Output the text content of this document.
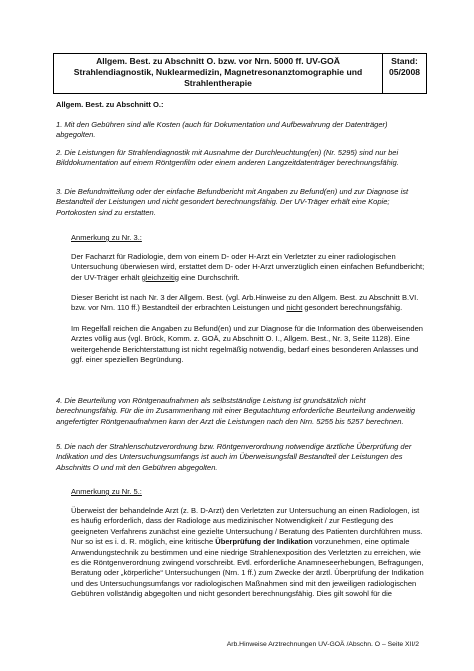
Allgem. Best. zu Abschnitt O. bzw. vor Nrn. 5000 ff. UV-GOÄ
Strahlendiagnostik, Nuklearmedizin, Magnetresonanztomographie und
Strahlentherapie
Stand:
05/2008
Allgem. Best. zu Abschnitt O.:
1. Mit den Gebühren sind alle Kosten (auch für Dokumentation und Aufbewahrung der Datenträger) abgegolten.
2. Die Leistungen für Strahlendiagnostik mit Ausnahme der Durchleuchtung(en) (Nr. 5295) sind nur bei Bilddokumentation auf einem Röntgenfilm oder einem anderen Langzeitdatenträger berechnungsfähig.
3. Die Befundmitteilung oder der einfache Befundbericht mit Angaben zu Befund(en) und zur Diagnose ist Bestandteil der Leistungen und nicht gesondert berechnungsfähig. Der UV-Träger erhält eine Kopie; Portokosten sind zu erstatten.
Anmerkung zu Nr. 3.:
Der Facharzt für Radiologie, dem von einem D- oder H-Arzt ein Verletzter zu einer radiologischen Untersuchung überwiesen wird, erstattet dem D- oder H-Arzt unverzüglich einen einfachen Befundbericht; der UV-Träger erhält gleichzeitig eine Durchschrift.
Dieser Bericht ist nach Nr. 3 der Allgem. Best. (vgl. Arb.Hinweise zu den Allgem. Best. zu Abschnitt B.VI. bzw. vor Nrn. 110 ff.) Bestandteil der erbrachten Leistungen und nicht gesondert berechnungsfähig.
Im Regelfall reichen die Angaben zu Befund(en) und zur Diagnose für die Information des überweisenden Arztes völlig aus (vgl. Brück, Komm. z. GOÄ, zu Abschnitt O. I., Allgem. Best., Nr. 3, Seite 1128). Eine weitergehende Berichterstattung ist nicht regelmäßig notwendig, bedarf eines besonderen Anlasses und ggf. einer speziellen Begründung.
4. Die Beurteilung von Röntgenaufnahmen als selbstständige Leistung ist grundsätzlich nicht berechnungsfähig. Für die im Zusammenhang mit einer Begutachtung erforderliche Beurteilung anderweitig angefertigter Röntgenaufnahmen kann der Arzt die Leistungen nach den Nrn. 5255 bis 5257 berechnen.
5. Die nach der Strahlenschutzverordnung bzw. Röntgenverordnung notwendige ärztliche Überprüfung der Indikation und des Untersuchungsumfangs ist auch im Überweisungsfall Bestandteil der Leistungen des Abschnitts O und mit den Gebühren abgegolten.
Anmerkung zu Nr. 5.:
Überweist der behandelnde Arzt (z. B. D-Arzt) den Verletzten zur Untersuchung an einen Radiologen, ist es häufig erforderlich, dass der Radiologe aus medizinischer Notwendigkeit / zur Festlegung des geeigneten Verfahrens zunächst eine gezielte Untersuchung / Beratung des Patienten durchführen muss. Nur so ist es i. d. R. möglich, eine kritische Überprüfung der Indikation vorzunehmen, eine optimale Anwendungstechnik zu bestimmen und eine niedrige Strahlenexposition des Verletzten zu erreichen, wie es die Röntgenverordnung zwingend vorschreibt. Evtl. erforderliche Anamneseerhebungen, Befragungen, Beratung oder „körperliche“ Untersuchungen (Nrn. 1 ff.) zum Zwecke der ärztl. Überprüfung der Indikation und des Untersuchungsumfangs vor radiologischen Maßnahmen sind mit den jeweiligen radiologischen Gebühren vollständig abgegolten und nicht gesondert berechnungsfähig. Dies gilt sowohl für die
Arb.Hinweise Arztrechnungen UV-GOÄ /Abschn. O – Seite XII/2
